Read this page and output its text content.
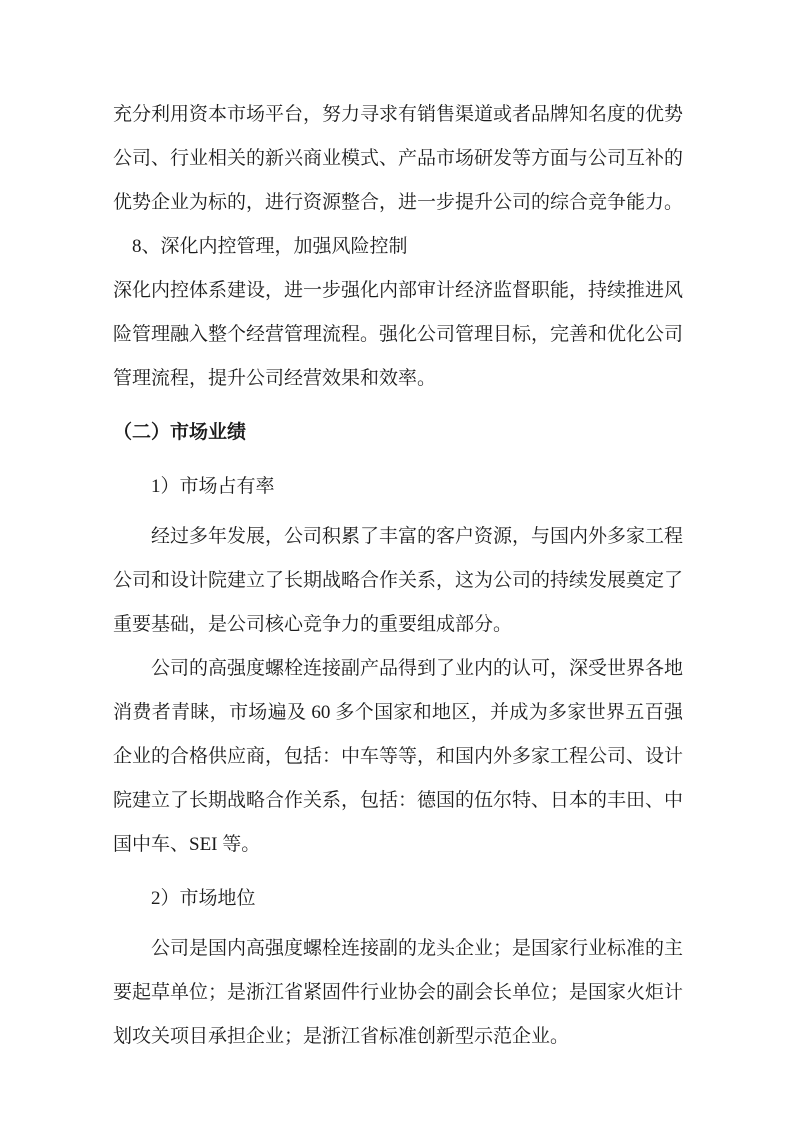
充分利用资本市场平台，努力寻求有销售渠道或者品牌知名度的优势公司、行业相关的新兴商业模式、产品市场研发等方面与公司互补的优势企业为标的，进行资源整合，进一步提升公司的综合竞争能力。

8、深化内控管理，加强风险控制

深化内控体系建设，进一步强化内部审计经济监督职能，持续推进风险管理融入整个经营管理流程。强化公司管理目标，完善和优化公司管理流程，提升公司经营效果和效率。

（二）市场业绩

1）市场占有率

经过多年发展，公司积累了丰富的客户资源，与国内外多家工程公司和设计院建立了长期战略合作关系，这为公司的持续发展奠定了重要基础，是公司核心竞争力的重要组成部分。

公司的高强度螺栓连接副产品得到了业内的认可，深受世界各地消费者青睐，市场遍及 60 多个国家和地区，并成为多家世界五百强企业的合格供应商，包括：中车等等，和国内外多家工程公司、设计院建立了长期战略合作关系，包括：德国的伍尔特、日本的丰田、中国中车、SEI 等。

2）市场地位

公司是国内高强度螺栓连接副的龙头企业；是国家行业标准的主要起草单位；是浙江省紧固件行业协会的副会长单位；是国家火炬计划攻关项目承担企业；是浙江省标准创新型示范企业。
